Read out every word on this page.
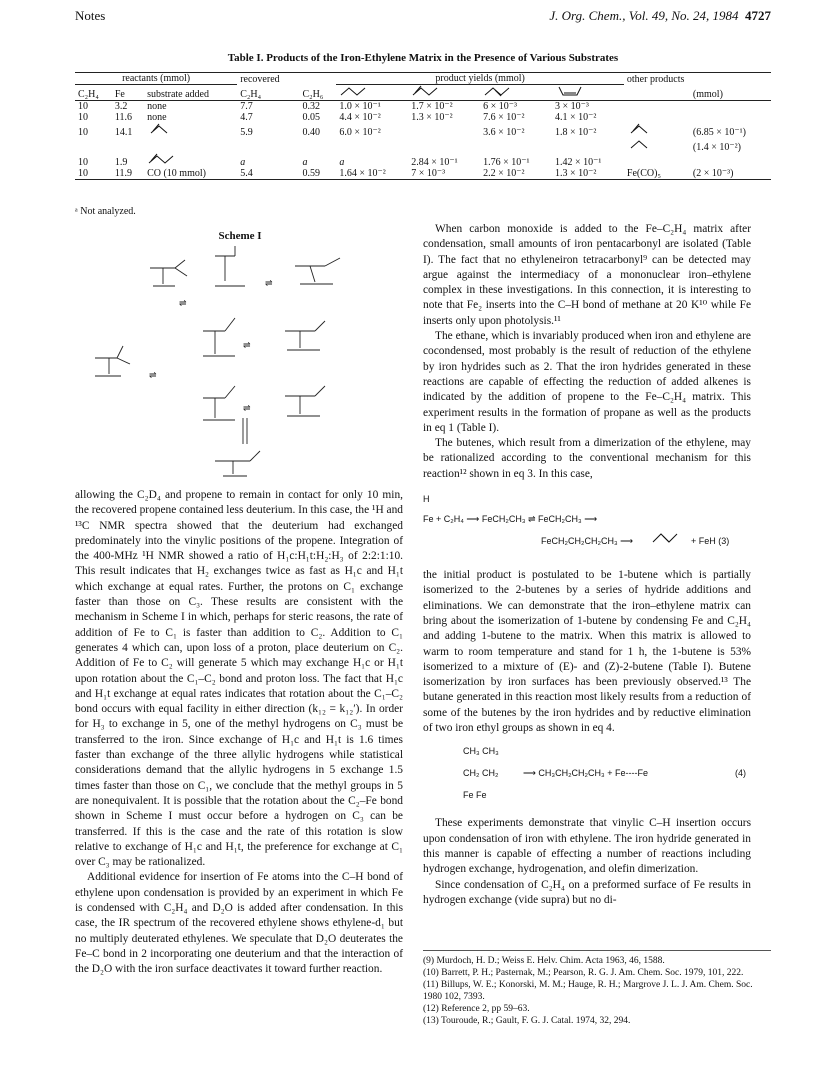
Notes	J. Org. Chem., Vol. 49, No. 24, 1984 4727
Table I. Products of the Iron-Ethylene Matrix in the Presence of Various Substrates
reactants (mmol)			recovered		product yields (mmol)				other products	
C₂H₄	Fe	substrate added	C₂H₄	C₂H₆						(mmol)
10	3.2	none	7.7	0.32	1.0 × 10⁻¹	1.7 × 10⁻²	6 × 10⁻³	3 × 10⁻³		
10	11.6	none	4.7	0.05	4.4 × 10⁻²	1.3 × 10⁻²	7.6 × 10⁻²	4.1 × 10⁻²		
10	14.1		5.9	0.40	6.0 × 10⁻²		3.6 × 10⁻²	1.8 × 10⁻²		(6.85 × 10⁻¹)
										(1.4 × 10⁻²)
10	1.9		a	a	a	2.84 × 10⁻¹	1.76 × 10⁻¹	1.42 × 10⁻¹		
10	11.9	CO (10 mmol)	5.4	0.59	1.64 × 10⁻²	7 × 10⁻³	2.2 × 10⁻²	1.3 × 10⁻²	Fe(CO)₅	(2 × 10⁻³)
ᵃ Not analyzed.
Scheme I
⇌
⇌
⇌
⇌
⇌

allowing the C₂D₄ and propene to remain in contact for only 10 min, the recovered propene contained less deuterium. In this case, the ¹H and ¹³C NMR spectra showed that the deuterium had exchanged predominately into the vinylic positions of the propene. Integration of the 400-MHz ¹H NMR showed a ratio of H₁c:H₁t:H₂:H₃ of 2:2:1:10. This result indicates that H₂ exchanges twice as fast as H₁c and H₁t which exchange at equal rates. Further, the protons on C₁ exchange faster than those on C₃. These results are consistent with the mechanism in Scheme I in which, perhaps for steric reasons, the rate of addition of Fe to C₁ is faster than addition to C₂. Addition to C₁ generates 4 which can, upon loss of a proton, place deuterium on C₂. Addition of Fe to C₂ will generate 5 which may exchange H₁c or H₁t upon rotation about the C₁–C₂ bond and proton loss. The fact that H₁c and H₁t exchange at equal rates indicates that rotation about the C₁–C₂ bond occurs with equal facility in either direction (k₁₂ = k₁₂′). In order for H₃ to exchange in 5, one of the methyl hydrogens on C₃ must be transferred to the iron. Since exchange of H₁c and H₁t is 1.6 times faster than exchange of the three allylic hydrogens while statistical considerations demand that the allylic hydrogens in 5 exchange 1.5 times faster than those on C₁, we conclude that the methyl groups in 5 are nonequivalent. It is possible that the rotation about the C₂–Fe bond shown in Scheme I must occur before a hydrogen on C₃ can be transferred. If this is the case and the rate of this rotation is slow relative to exchange of H₁c and H₁t, the preference for exchange at C₁ over C₃ may be rationalized.

Additional evidence for insertion of Fe atoms into the C–H bond of ethylene upon condensation is provided by an experiment in which Fe is condensed with C₂H₄ and D₂O is added after condensation. In this case, the IR spectrum of the recovered ethylene shows ethylene-d₁ but no multiply deuterated ethylenes. We speculate that D₂O deuterates the Fe–C bond in 2 incorporating one deuterium and that the interaction of the D₂O with the iron surface deactivates it toward further reaction.

When carbon monoxide is added to the Fe–C₂H₄ matrix after condensation, small amounts of iron pentacarbonyl are isolated (Table I). The fact that no ethyleneiron tetracarbonyl⁹ can be detected may argue against the intermediacy of a mononuclear iron–ethylene complex in these investigations. In this connection, it is interesting to note that Fe₂ inserts into the C–H bond of methane at 20 K¹⁰ while Fe inserts only upon photolysis.¹¹

The ethane, which is invariably produced when iron and ethylene are cocondensed, most probably is the result of reduction of the ethylene by iron hydrides such as 2. That the iron hydrides generated in these reactions are capable of effecting the reduction of added alkenes is indicated by the addition of propene to the Fe–C₂H₄ matrix. This experiment results in the formation of propane as well as the products in eq 1 (Table I).

The butenes, which result from a dimerization of the ethylene, may be rationalized according to the conventional mechanism for this reaction¹² shown in eq 3. In this case,

H
Fe + C₂H₄ ⟶ FeCH₂CH₃ ⇌ FeCH₂CH₃ ⟶
FeCH₂CH₂CH₂CH₃ ⟶	+ FeH (3)

the initial product is postulated to be 1-butene which is partially isomerized to the 2-butenes by a series of hydride additions and eliminations. We can demonstrate that the iron–ethylene matrix can bring about the isomerization of 1-butene by condensing Fe and C₂H₄ and adding 1-butene to the matrix. When this matrix is allowed to warm to room temperature and stand for 1 h, the 1-butene is 53% isomerized to a mixture of (E)- and (Z)-2-butene (Table I). Butene isomerization by iron surfaces has been previously observed.¹³ The butane generated in this reaction most likely results from a reduction of some of the butenes by the iron hydrides and by reductive elimination of two iron ethyl groups as shown in eq 4.

CH₃ CH₃
CH₂ CH₂
Fe Fe
⟶ CH₃CH₂CH₂CH₃ + Fe----Fe	(4)

These experiments demonstrate that vinylic C–H insertion occurs upon condensation of iron with ethylene. The iron hydride generated in this manner is capable of effecting a number of reactions including hydrogen exchange, hydrogenation, and olefin dimerization.

Since condensation of C₂H₄ on a preformed surface of Fe results in hydrogen exchange (vide supra) but no di-

(9) Murdoch, H. D.; Weiss E. Helv. Chim. Acta 1963, 46, 1588.
(10) Barrett, P. H.; Pasternak, M.; Pearson, R. G. J. Am. Chem. Soc. 1979, 101, 222.
(11) Billups, W. E.; Konorski, M. M.; Hauge, R. H.; Margrove J. L. J. Am. Chem. Soc. 1980 102, 7393.
(12) Reference 2, pp 59–63.
(13) Touroude, R.; Gault, F. G. J. Catal. 1974, 32, 294.
